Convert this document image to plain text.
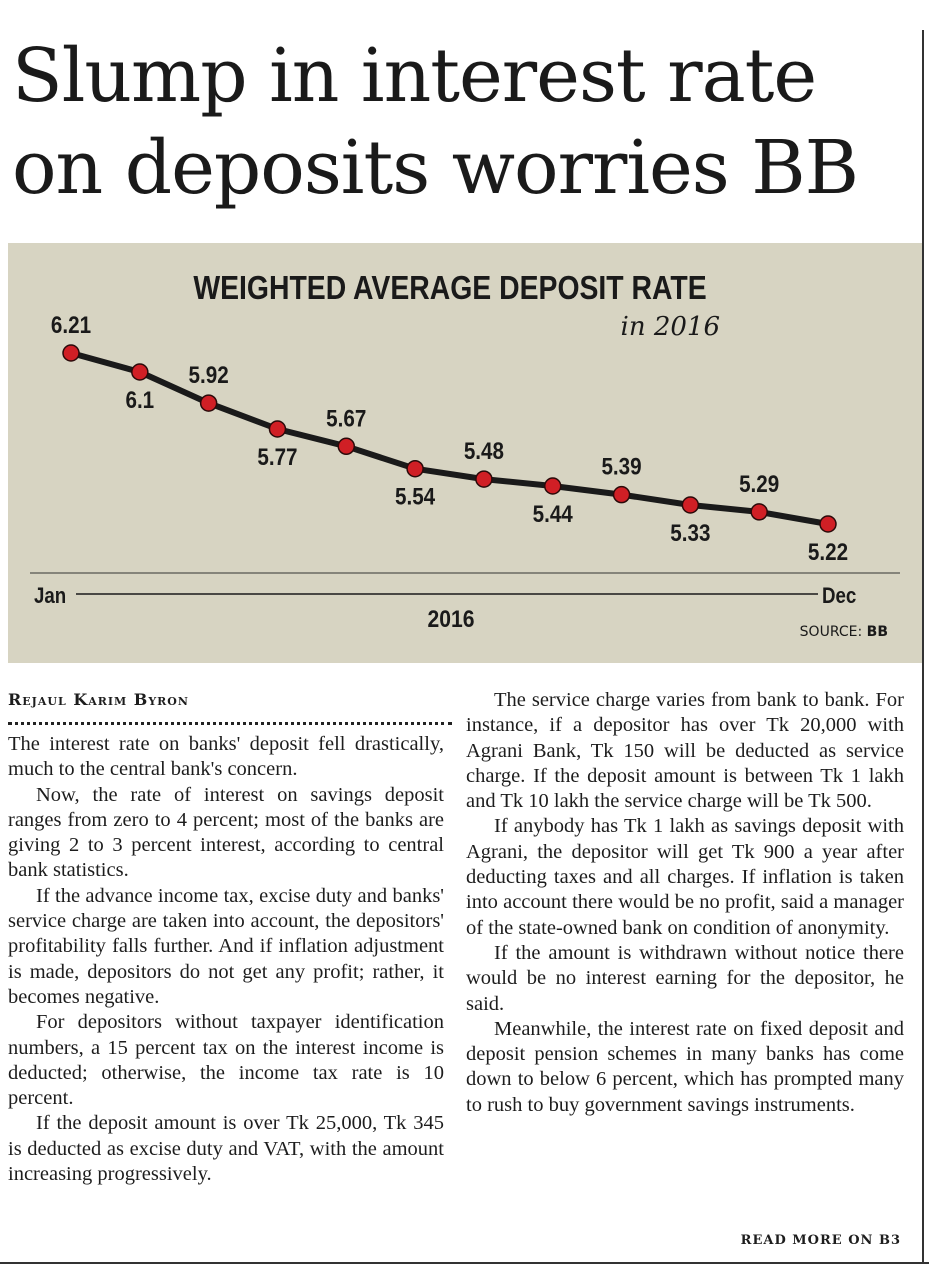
Slump in interest rate
on deposits worries BB
WEIGHTED AVERAGE DEPOSIT RATE
in 2016
6.21
6.1
5.92
5.77
5.67
5.54
5.48
5.44
5.39
5.33
5.29
5.22
Jan	Dec
2016	SOURCE: BB
Rejaul Karim Byron

The interest rate on banks' deposit fell drastically, much to the central bank's concern.

Now, the rate of interest on savings deposit ranges from zero to 4 percent; most of the banks are giving 2 to 3 percent interest, according to central bank statistics.

If the advance income tax, excise duty and banks' service charge are taken into account, the depositors' profitability falls further. And if inflation adjustment is made, depositors do not get any profit; rather, it becomes negative.

For depositors without taxpayer identification numbers, a 15 percent tax on the interest income is deducted; otherwise, the income tax rate is 10 percent.

If the deposit amount is over Tk 25,000, Tk 345 is deducted as excise duty and VAT, with the amount increasing progressively.

The service charge varies from bank to bank. For instance, if a depositor has over Tk 20,000 with Agrani Bank, Tk 150 will be deducted as service charge. If the deposit amount is between Tk 1 lakh and Tk 10 lakh the service charge will be Tk 500.

If anybody has Tk 1 lakh as savings deposit with Agrani, the depositor will get Tk 900 a year after deducting taxes and all charges. If inflation is taken into account there would be no profit, said a manager of the state-owned bank on condition of anonymity.

If the amount is withdrawn without notice there would be no interest earning for the depositor, he said.

Meanwhile, the interest rate on fixed deposit and deposit pension schemes in many banks has come down to below 6 percent, which has prompted many to rush to buy government savings instruments.

READ MORE ON B3
